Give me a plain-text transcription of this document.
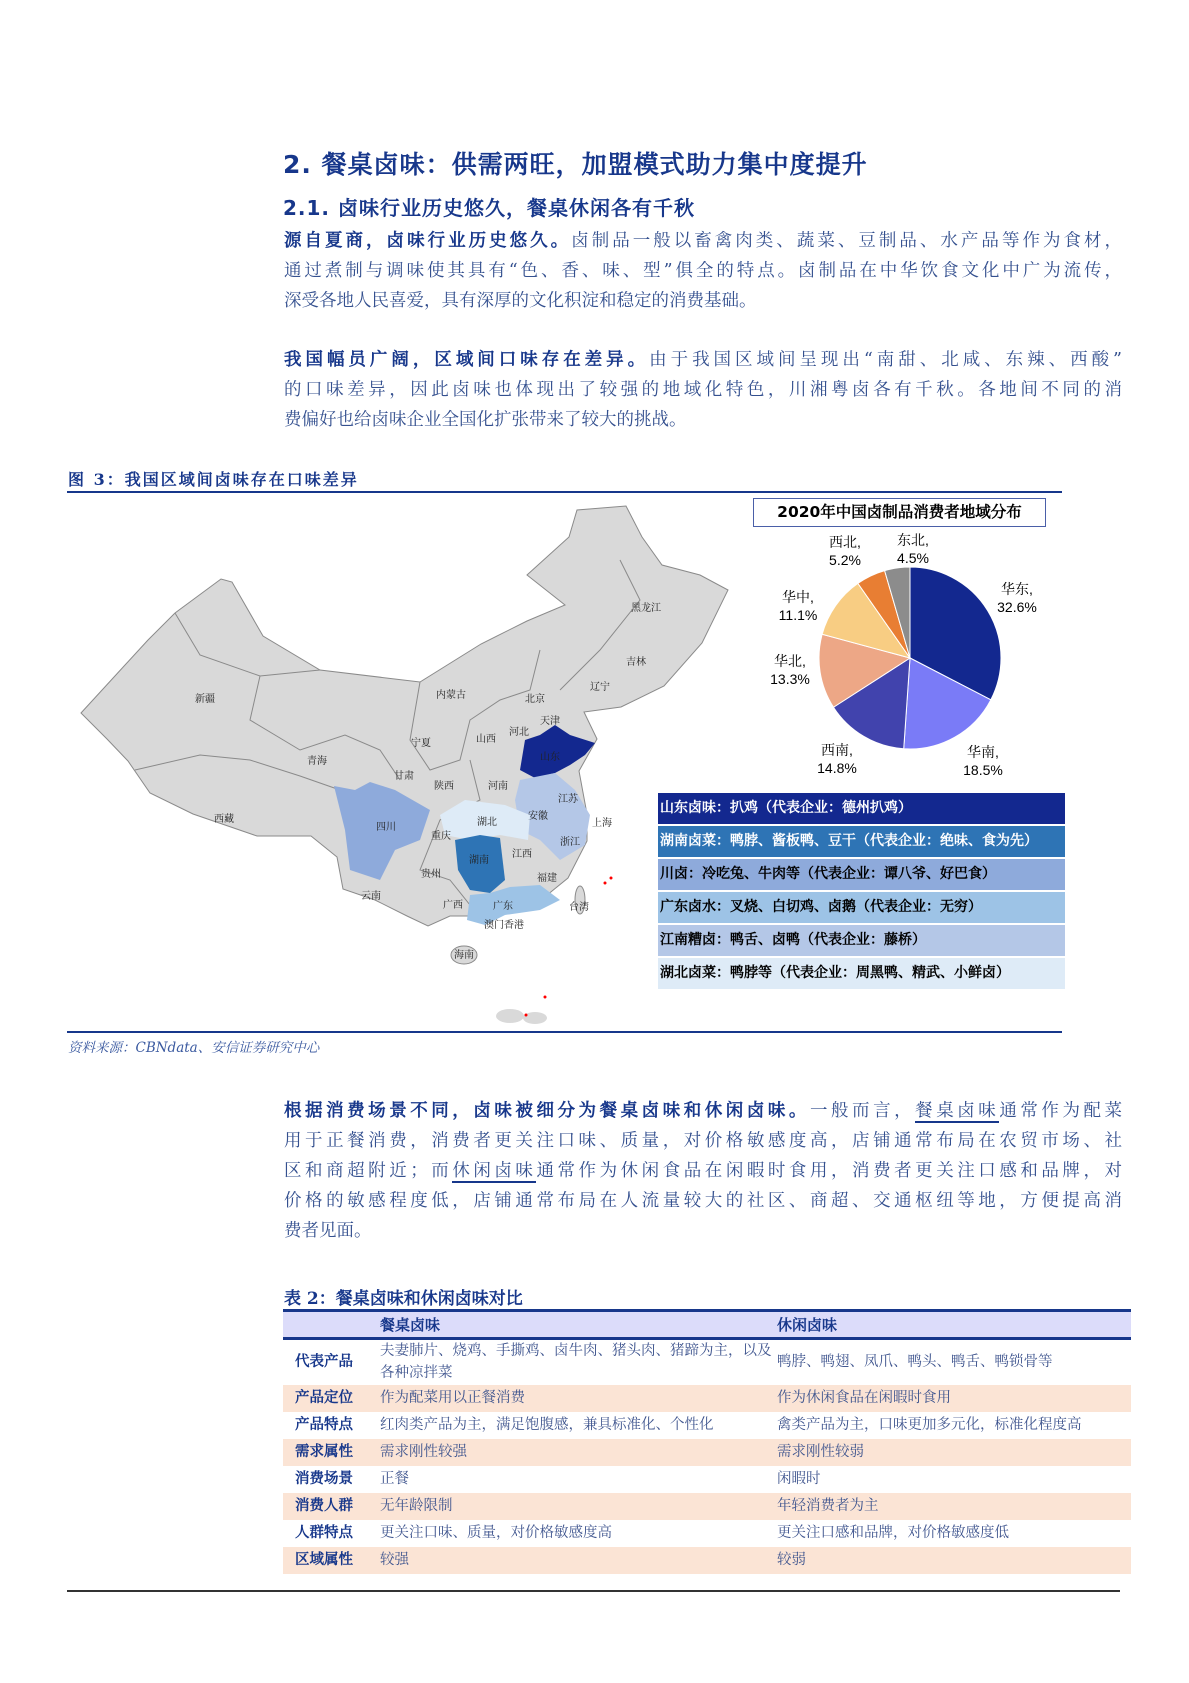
2. 餐桌卤味：供需两旺，加盟模式助力集中度提升
2.1. 卤味行业历史悠久，餐桌休闲各有千秋
源自夏商，卤味行业历史悠久。卤制品一般以畜禽肉类、蔬菜、豆制品、水产品等作为食材，
通过煮制与调味使其具有“色、香、味、型”俱全的特点。卤制品在中华饮食文化中广为流传，
深受各地人民喜爱，具有深厚的文化积淀和稳定的消费基础。
我国幅员广阔，区域间口味存在差异。由于我国区域间呈现出“南甜、北咸、东辣、西酸”
的口味差异，因此卤味也体现出了较强的地域化特色，川湘粤卤各有千秋。各地间不同的消
费偏好也给卤味企业全国化扩张带来了较大的挑战。
图 3：我国区域间卤味存在口味差异
新疆
西藏
青海
甘肃
宁夏
内蒙古
陕西
山西
河北
北京
天津
山东
河南
江苏
安徽
上海
湖北
四川
重庆
浙江
湖南
江西
贵州	福建
云南
广西	广东	台湾
澳门香港
海南
黑龙江
吉林
辽宁
2020年中国卤制品消费者地域分布
华东,
32.6%
华南,
18.5%
西南,
14.8%
华北,
13.3%
华中,
11.1%
西北,
5.2%
东北,
4.5%
山东卤味：扒鸡（代表企业：德州扒鸡）
湖南卤菜：鸭脖、酱板鸭、豆干（代表企业：绝味、食为先）
川卤：冷吃兔、牛肉等（代表企业：谭八爷、好巴食）
广东卤水：叉烧、白切鸡、卤鹅（代表企业：无穷）
江南糟卤：鸭舌、卤鸭（代表企业：藤桥）
湖北卤菜：鸭脖等（代表企业：周黑鸭、精武、小鲜卤）
资料来源：CBNdata、安信证券研究中心
根据消费场景不同，卤味被细分为餐桌卤味和休闲卤味。一般而言，餐桌卤味通常作为配菜
用于正餐消费，消费者更关注口味、质量，对价格敏感度高，店铺通常布局在农贸市场、社
区和商超附近；而休闲卤味通常作为休闲食品在闲暇时食用，消费者更关注口感和品牌，对
价格的敏感程度低，店铺通常布局在人流量较大的社区、商超、交通枢纽等地，方便提高消
费者见面。
表 2：餐桌卤味和休闲卤味对比
	餐桌卤味	休闲卤味
代表产品	夫妻肺片、烧鸡、手撕鸡、卤牛肉、猪头肉、猪蹄为主，以及各种凉拌菜	鸭脖、鸭翅、凤爪、鸭头、鸭舌、鸭锁骨等
产品定位	作为配菜用以正餐消费	作为休闲食品在闲暇时食用
产品特点	红肉类产品为主，满足饱腹感，兼具标准化、个性化	禽类产品为主，口味更加多元化，标准化程度高
需求属性	需求刚性较强	需求刚性较弱
消费场景	正餐	闲暇时
消费人群	无年龄限制	年轻消费者为主
人群特点	更关注口味、质量，对价格敏感度高	更关注口感和品牌，对价格敏感度低
区域属性	较强	较弱
